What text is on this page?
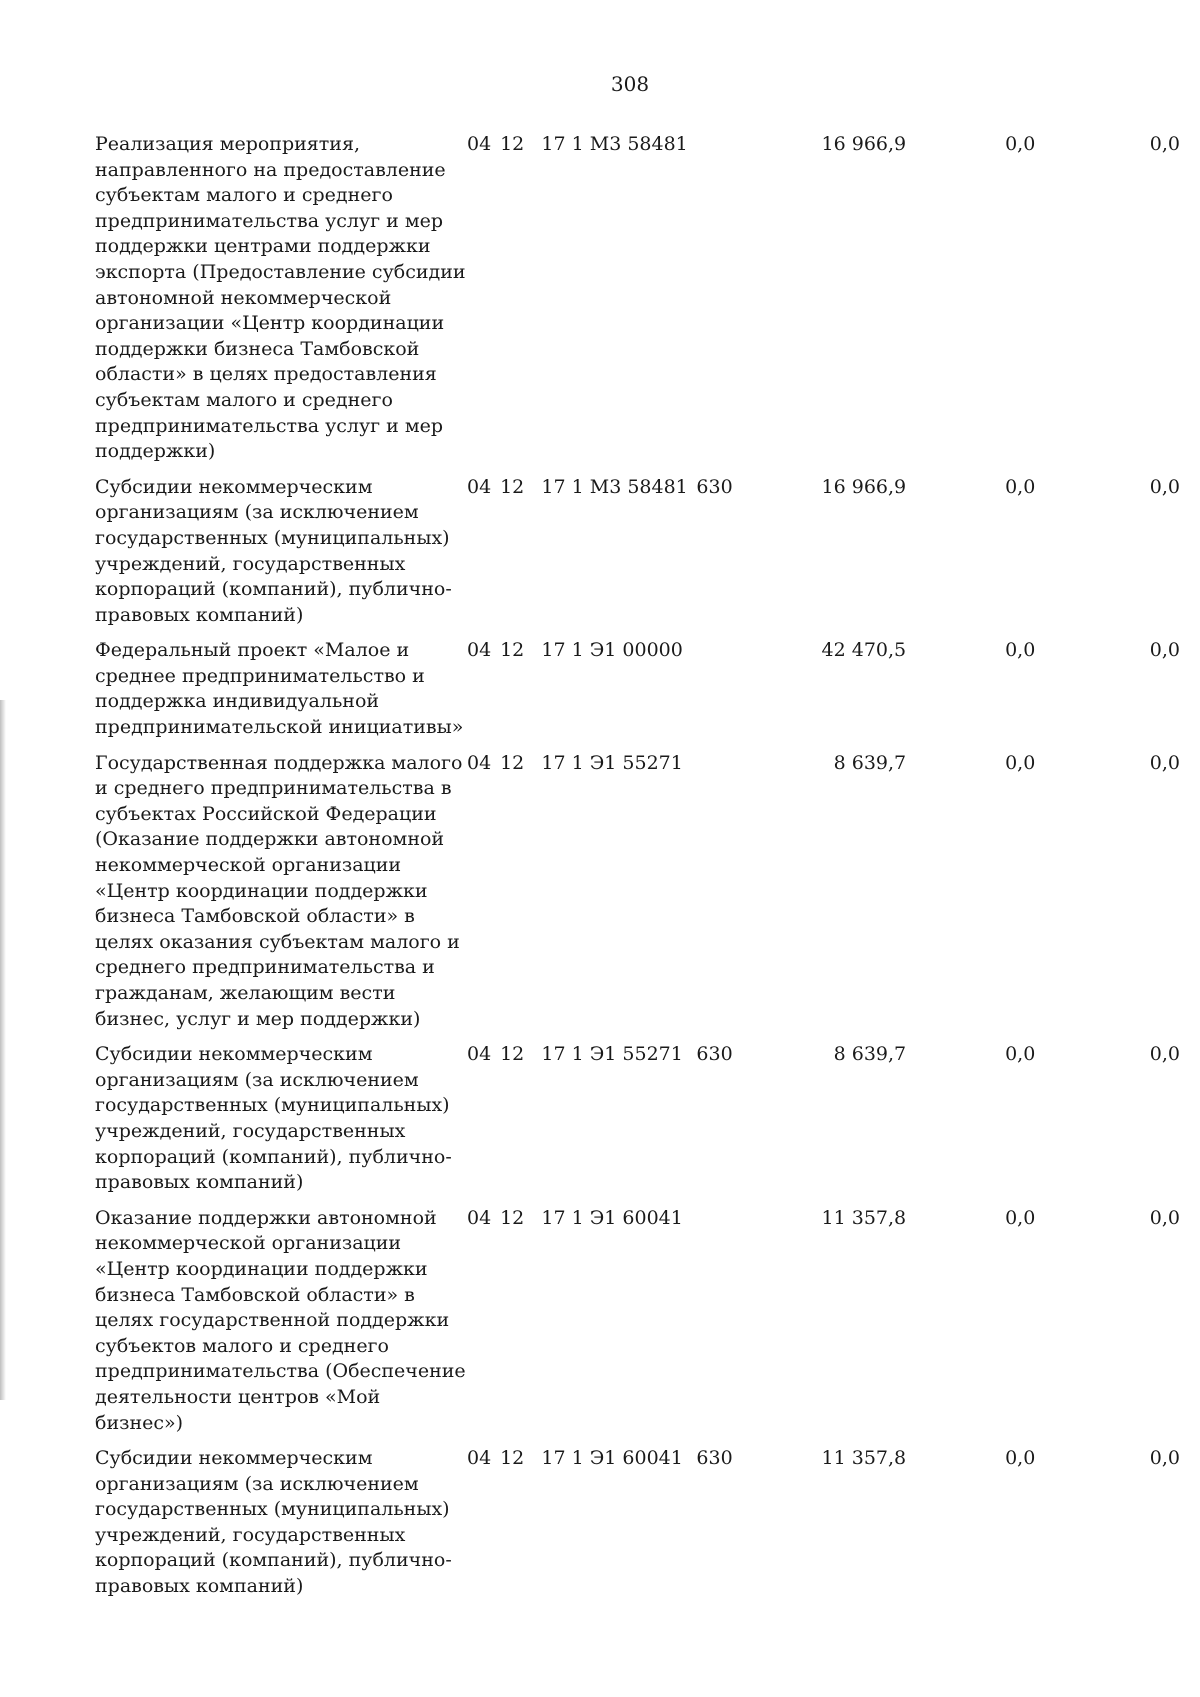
308
Реализация мероприятия, направленного на предоставление субъектам малого и среднего предпринимательства услуг и мер поддержки центрами поддержки экспорта (Предоставление субсидии автономной некоммерческой организации «Центр координации поддержки бизнеса Тамбовской области» в целях предоставления субъектам малого и среднего предпринимательства услуг и мер поддержки)	04	12	17 1 М3 58481		16 966,9	0,0	0,0
Субсидии некоммерческим организациям (за исключением государственных (муниципальных) учреждений, государственных корпораций (компаний), публично-правовых компаний)	04	12	17 1 М3 58481	630	16 966,9	0,0	0,0
Федеральный проект «Малое и среднее предпринимательство и поддержка индивидуальной предпринимательской инициативы»	04	12	17 1 Э1 00000		42 470,5	0,0	0,0
Государственная поддержка малого и среднего предпринимательства в субъектах Российской Федерации (Оказание поддержки автономной некоммерческой организации «Центр координации поддержки бизнеса Тамбовской области» в целях оказания субъектам малого и среднего предпринимательства и гражданам, желающим вести бизнес, услуг и мер поддержки)	04	12	17 1 Э1 55271		8 639,7	0,0	0,0
Субсидии некоммерческим организациям (за исключением государственных (муниципальных) учреждений, государственных корпораций (компаний), публично-правовых компаний)	04	12	17 1 Э1 55271	630	8 639,7	0,0	0,0
Оказание поддержки автономной некоммерческой организации «Центр координации поддержки бизнеса Тамбовской области» в целях государственной поддержки субъектов малого и среднего предпринимательства (Обеспечение деятельности центров «Мой бизнес»)	04	12	17 1 Э1 60041		11 357,8	0,0	0,0
Субсидии некоммерческим организациям (за исключением государственных (муниципальных) учреждений, государственных корпораций (компаний), публично-правовых компаний)	04	12	17 1 Э1 60041	630	11 357,8	0,0	0,0
